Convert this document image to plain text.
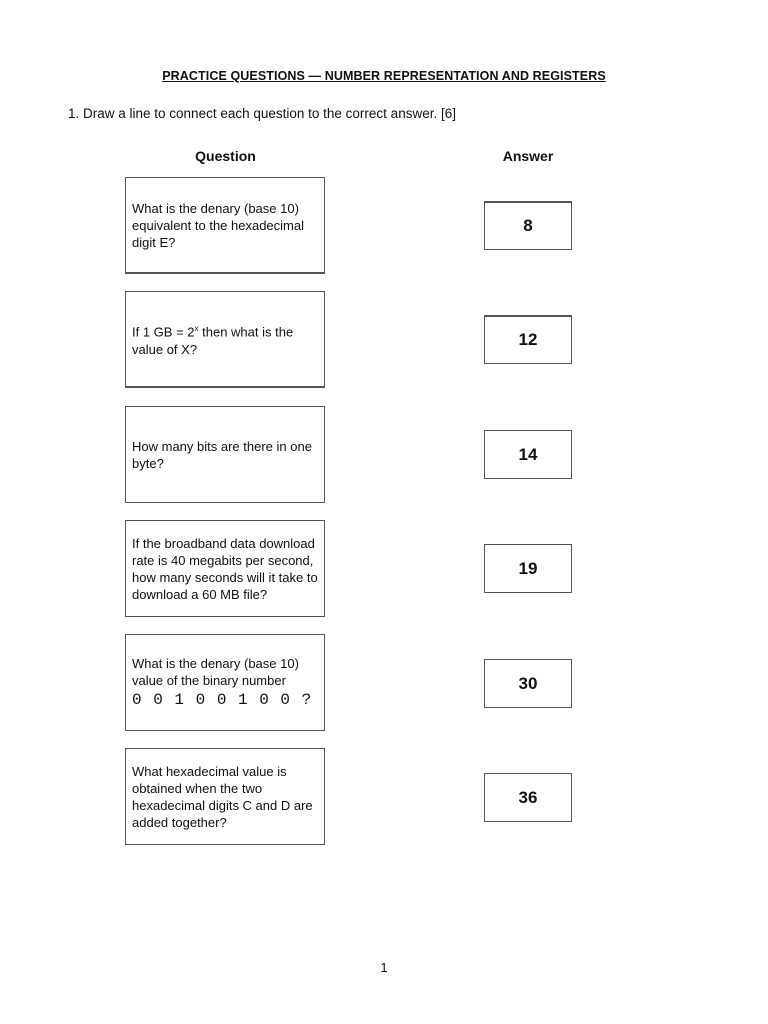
PRACTICE QUESTIONS — NUMBER REPRESENTATION AND REGISTERS
1. Draw a line to connect each question to the correct answer. [6]
Question	Answer
What is the denary (base 10) equivalent to the hexadecimal digit E?
If 1 GB = $2^x$ then what is the value of X?
How many bits are there in one byte?
If the broadband data download rate is 40 megabits per second, how many seconds will it take to download a 60 MB file?
What is the denary (base 10) value of the binary number
0 0 1 0 0 1 0 0 ?
What hexadecimal value is obtained when the two hexadecimal digits C and D are added together?
8
12
14
19
30
36
1
